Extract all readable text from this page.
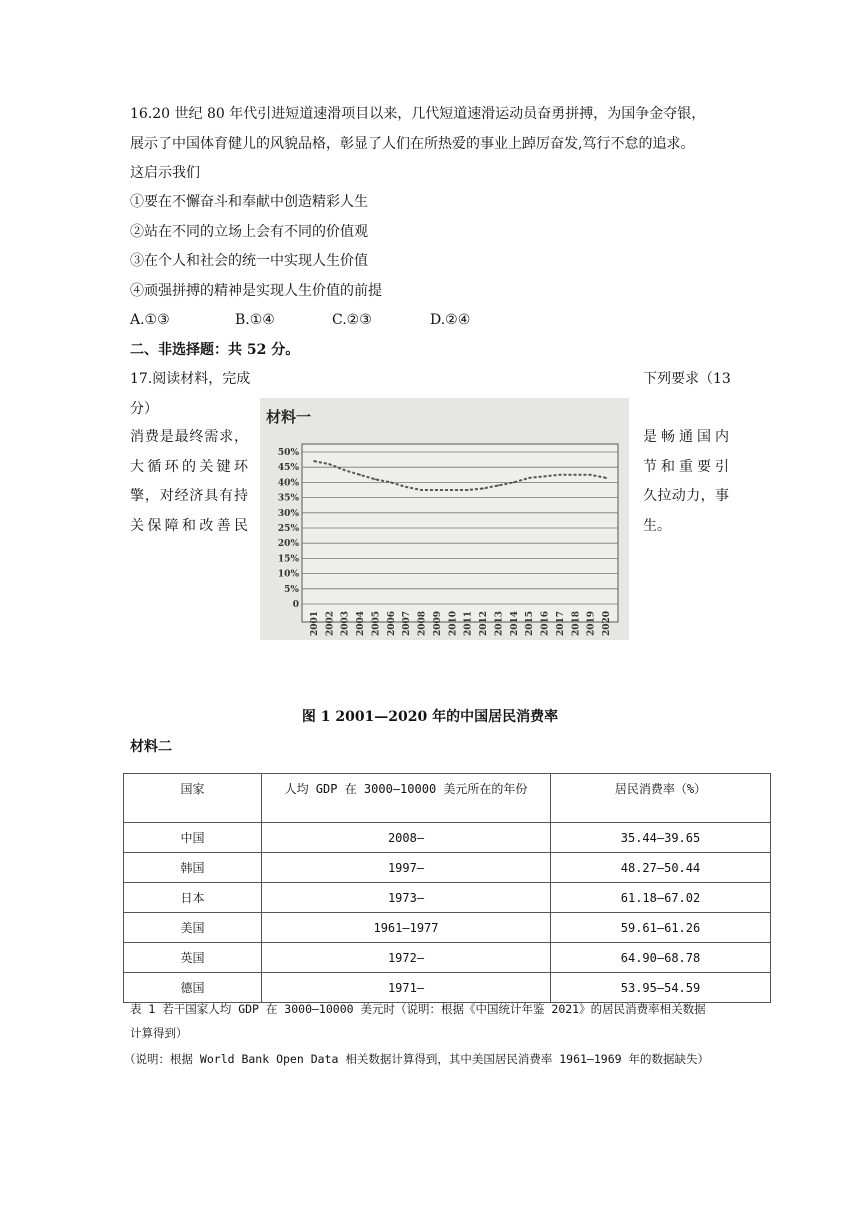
16.20 世纪 80 年代引进短道速滑项目以来，几代短道速滑运动员奋勇拼搏，为国争金夺银，
展示了中国体育健儿的风貌品格，彰显了人们在所热爱的事业上踔厉奋发,笃行不怠的追求。
这启示我们
①要在不懈奋斗和奉献中创造精彩人生
②站在不同的立场上会有不同的价值观
③在个人和社会的统一中实现人生价值
④顽强拼搏的精神是实现人生价值的前提
A.①③	B.①④	C.②③	D.②④
二、非选择题：共 52 分。
17.阅读材料，完成	下列要求（13
分）
消费是最终需求，
大循环的关键环
擎，对经济具有持
关保障和改善民
是畅通国内
节和重要引
久拉动力，事
生。
材料一
50%
45%
40%
35%
30%
25%
20%
15%
10%
5%
0
2001 2002 2003 2004 2005 2006 2007 2008 2009 2010 2011 2012 2013 2014 2015 2016 2017 2018 2019 2020
图 1 2001—2020 年的中国居民消费率
材料二
国家	人均 GDP 在 3000—10000 美元所在的年份	居民消费率（%）
中国	2008—	35.44—39.65
韩国	1997—	48.27—50.44
日本	1973—	61.18—67.02
美国	1961—1977	59.61—61.26
英国	1972—	64.90—68.78
德国	1971—	53.95—54.59
表 1 若干国家人均 GDP 在 3000—10000 美元时（说明：根据《中国统计年鉴 2021》的居民消费率相关数据
计算得到）
（说明：根据 World Bank Open Data 相关数据计算得到，其中美国居民消费率 1961—1969 年的数据缺失）
